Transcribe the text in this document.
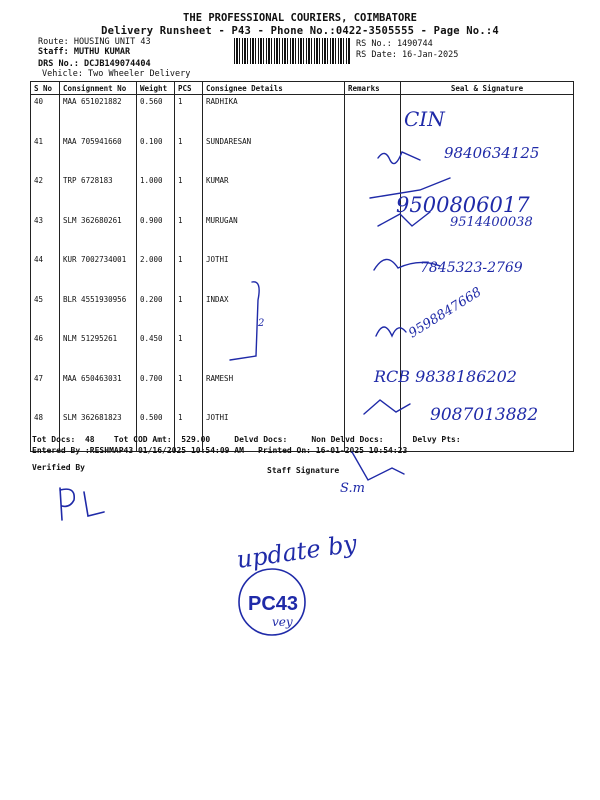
THE PROFESSIONAL COURIERS, COIMBATORE
Delivery Runsheet - P43 - Phone No.:0422-3505555 - Page No.:4
Route: HOUSING UNIT 43
Staff: MUTHU KUMAR
DRS No.: DCJB149074404
Vehicle: Two Wheeler Delivery
RS No.: 1490744
RS Date: 16-Jan-2025
S No	Consignment No	Weight	PCS	Consignee Details	Remarks	Seal & Signature
40	MAA 651021882	0.560	1	RADHIKA		
41	MAA 705941660	0.100	1	SUNDARESAN		
42	TRP 6728183	1.000	1	KUMAR		
43	SLM 362680261	0.900	1	MURUGAN		
44	KUR 7002734001	2.000	1	JOTHI		
45	BLR 4551930956	0.200	1	INDAX		
46	NLM 51295261	0.450	1			
47	MAA 650463031	0.700	1	RAMESH		
48	SLM 362681823	0.500	1	JOTHI		
Tot Docs:  48    Tot COD Amt:  529.00     Delvd Docs:     Non Delvd Docs:      Delvy Pts:
Entered By :RESHMAP43 01/16/2025 10:54:09 AM Printed On: 16-01-2025 10:54:23
Verified By	Staff Signature
CIN
9840634125
9500806017
9514400038
7845323-2769
2	9598847668
RCB 9838186202
9087013882
S.m
PL
update by
PC43
vey
